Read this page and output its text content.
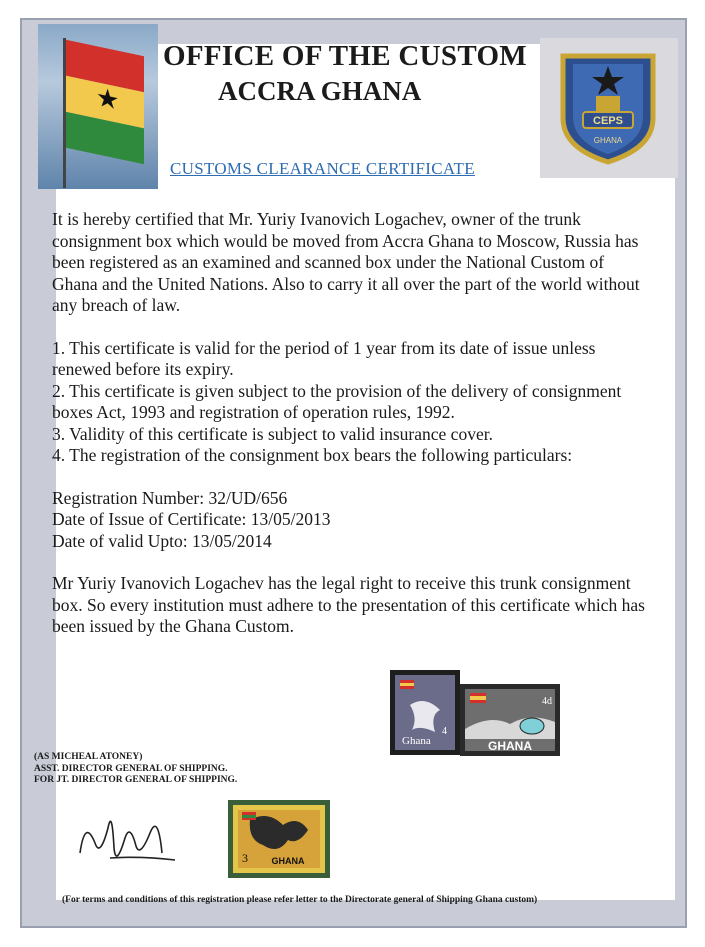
★
OFFICE OF THE CUSTOM
ACCRA GHANA
CUSTOMS CLEARANCE CERTIFICATE
CEPS
GHANA

It is hereby certified that Mr. Yuriy Ivanovich Logachev, owner of the trunk consignment box which would be moved from Accra Ghana to Moscow, Russia has been registered as an examined and scanned box under the National Custom of Ghana and the United Nations. Also to carry it all over the part of the world without any breach of law.

1. This certificate is valid for the period of 1 year from its date of issue unless renewed before its expiry.

2. This certificate is given subject to the provision of the delivery of consignment boxes Act, 1993 and registration of operation rules, 1992.

3. Validity of this certificate is subject to valid insurance cover.

4. The registration of the consignment box bears the following particulars:

Registration Number: 32/UD/656

Date of Issue of Certificate: 13/05/2013

Date of valid Upto: 13/05/2014

Mr Yuriy Ivanovich Logachev has the legal right to receive this trunk consignment box. So every institution must adhere to the presentation of this certificate which has been issued by the Ghana Custom.

Ghana
4
4d
GHANA
(AS MICHEAL ATONEY)
ASST. DIRECTOR GENERAL OF SHIPPING.
FOR JT. DIRECTOR GENERAL OF SHIPPING.
3	GHANA
(For terms and conditions of this registration please refer letter to the Directorate general of Shipping Ghana custom)
